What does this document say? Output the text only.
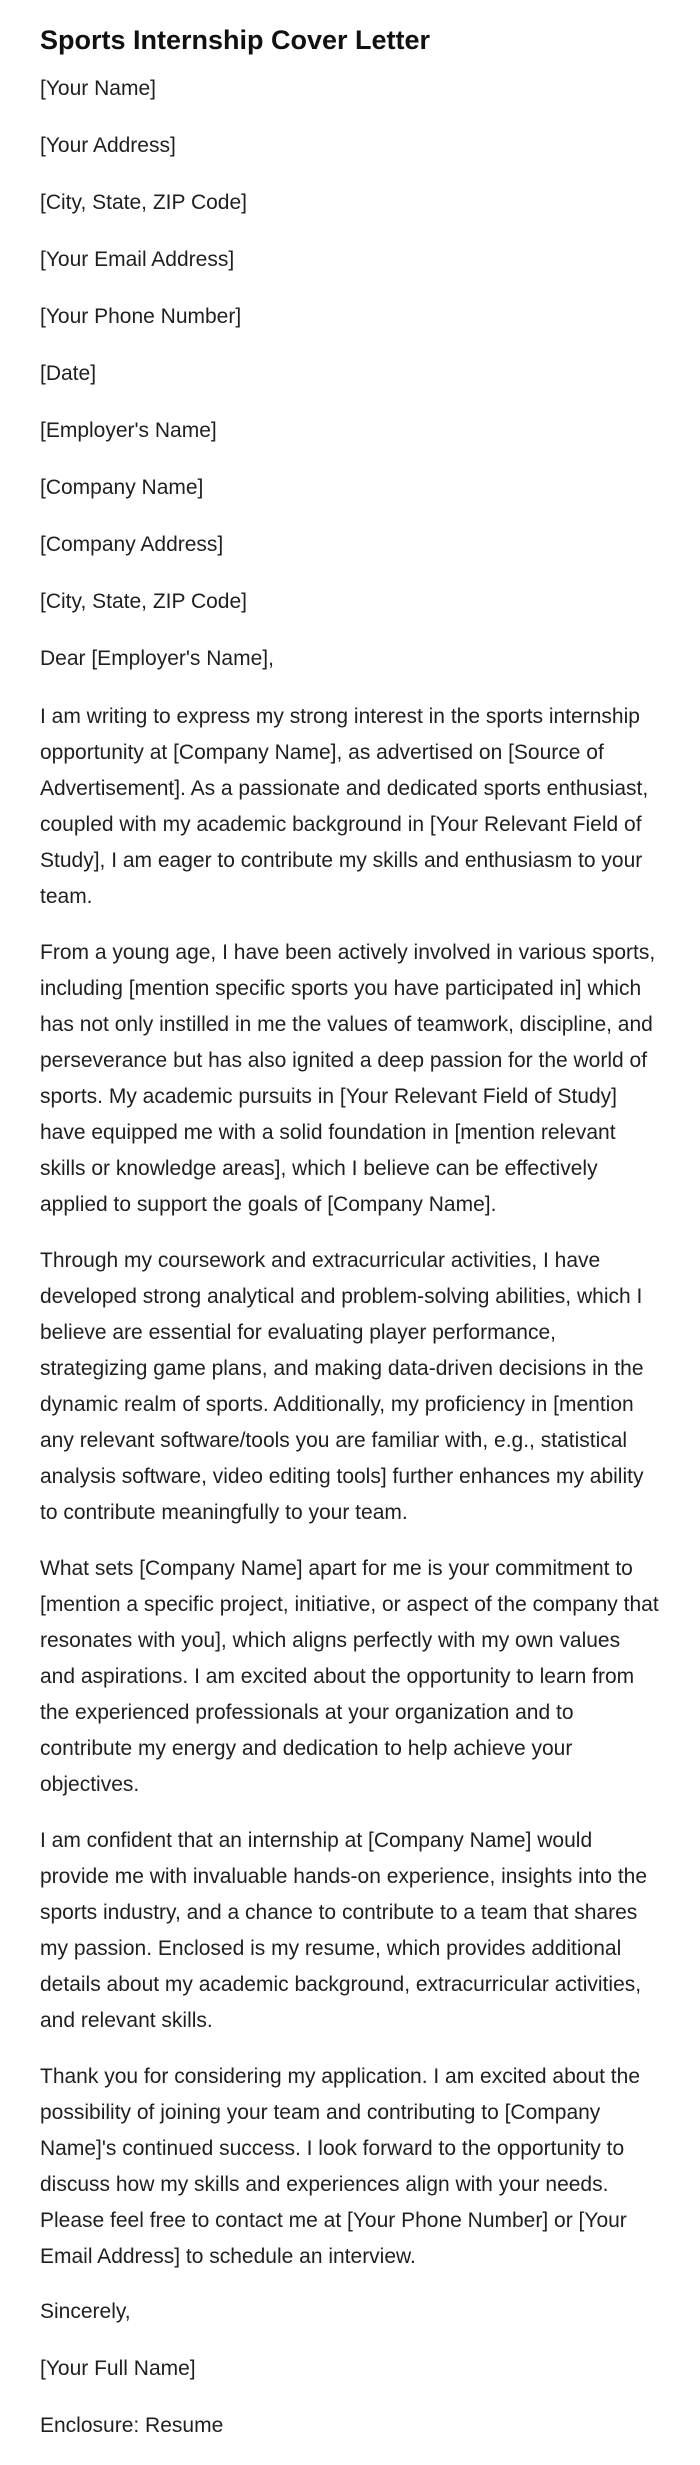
Sports Internship Cover Letter
[Your Name]
[Your Address]
[City, State, ZIP Code]
[Your Email Address]
[Your Phone Number]
[Date]
[Employer's Name]
[Company Name]
[Company Address]
[City, State, ZIP Code]
Dear [Employer's Name],

I am writing to express my strong interest in the sports internship opportunity at [Company Name], as advertised on [Source of Advertisement]. As a passionate and dedicated sports enthusiast, coupled with my academic background in [Your Relevant Field of Study], I am eager to contribute my skills and enthusiasm to your team.

From a young age, I have been actively involved in various sports, including [mention specific sports you have participated in] which has not only instilled in me the values of teamwork, discipline, and perseverance but has also ignited a deep passion for the world of sports. My academic pursuits in [Your Relevant Field of Study] have equipped me with a solid foundation in [mention relevant skills or knowledge areas], which I believe can be effectively applied to support the goals of [Company Name].

Through my coursework and extracurricular activities, I have developed strong analytical and problem-solving abilities, which I believe are essential for evaluating player performance, strategizing game plans, and making data-driven decisions in the dynamic realm of sports. Additionally, my proficiency in [mention any relevant software/tools you are familiar with, e.g., statistical analysis software, video editing tools] further enhances my ability to contribute meaningfully to your team.

What sets [Company Name] apart for me is your commitment to [mention a specific project, initiative, or aspect of the company that resonates with you], which aligns perfectly with my own values and aspirations. I am excited about the opportunity to learn from the experienced professionals at your organization and to contribute my energy and dedication to help achieve your objectives.

I am confident that an internship at [Company Name] would provide me with invaluable hands-on experience, insights into the sports industry, and a chance to contribute to a team that shares my passion. Enclosed is my resume, which provides additional details about my academic background, extracurricular activities, and relevant skills.

Thank you for considering my application. I am excited about the possibility of joining your team and contributing to [Company Name]'s continued success. I look forward to the opportunity to discuss how my skills and experiences align with your needs. Please feel free to contact me at [Your Phone Number] or [Your Email Address] to schedule an interview.

Sincerely,
[Your Full Name]
Enclosure: Resume
